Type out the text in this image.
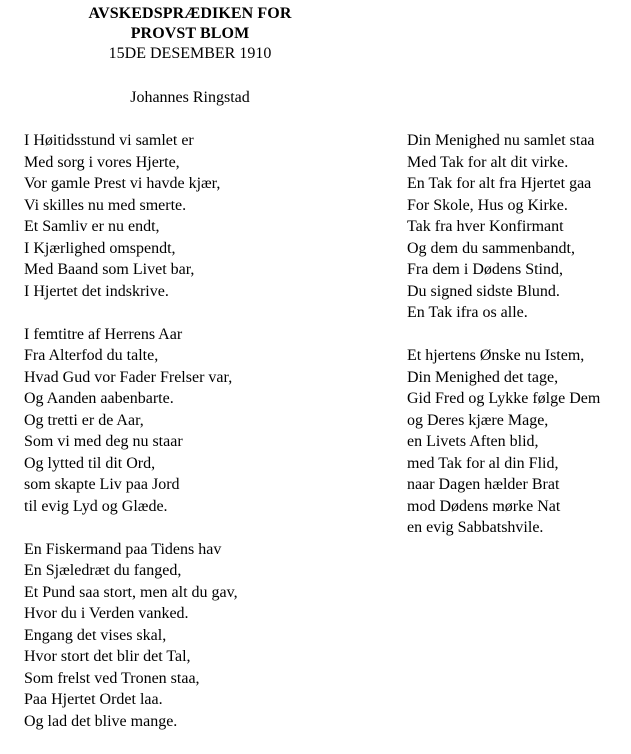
AVSKEDSPRÆDIKEN FOR
PROVST BLOM
15DE DESEMBER 1910
Johannes Ringstad
I Høitidsstund vi samlet er
Med sorg i vores Hjerte,
Vor gamle Prest vi havde kjær,
Vi skilles nu med smerte.
Et Samliv er nu endt,
I Kjærlighed omspendt,
Med Baand som Livet bar,
I Hjertet det indskrive.
I femtitre af Herrens Aar
Fra Alterfod du talte,
Hvad Gud vor Fader Frelser var,
Og Aanden aabenbarte.
Og tretti er de Aar,
Som vi med deg nu staar
Og lytted til dit Ord,
som skapte Liv paa Jord
til evig Lyd og Glæde.
En Fiskermand paa Tidens hav
En Sjæledræt du fanged,
Et Pund saa stort, men alt du gav,
Hvor du i Verden vanked.
Engang det vises skal,
Hvor stort det blir det Tal,
Som frelst ved Tronen staa,
Paa Hjertet Ordet laa.
Og lad det blive mange.
Din Menighed nu samlet staa
Med Tak for alt dit virke.
En Tak for alt fra Hjertet gaa
For Skole, Hus og Kirke.
Tak fra hver Konfirmant
Og dem du sammenbandt,
Fra dem i Dødens Stind,
Du signed sidste Blund.
En Tak ifra os alle.
Et hjertens Ønske nu Istem,
Din Menighed det tage,
Gid Fred og Lykke følge Dem
og Deres kjære Mage,
en Livets Aften blid,
med Tak for al din Flid,
naar Dagen hælder Brat
mod Dødens mørke Nat
en evig Sabbatshvile.
